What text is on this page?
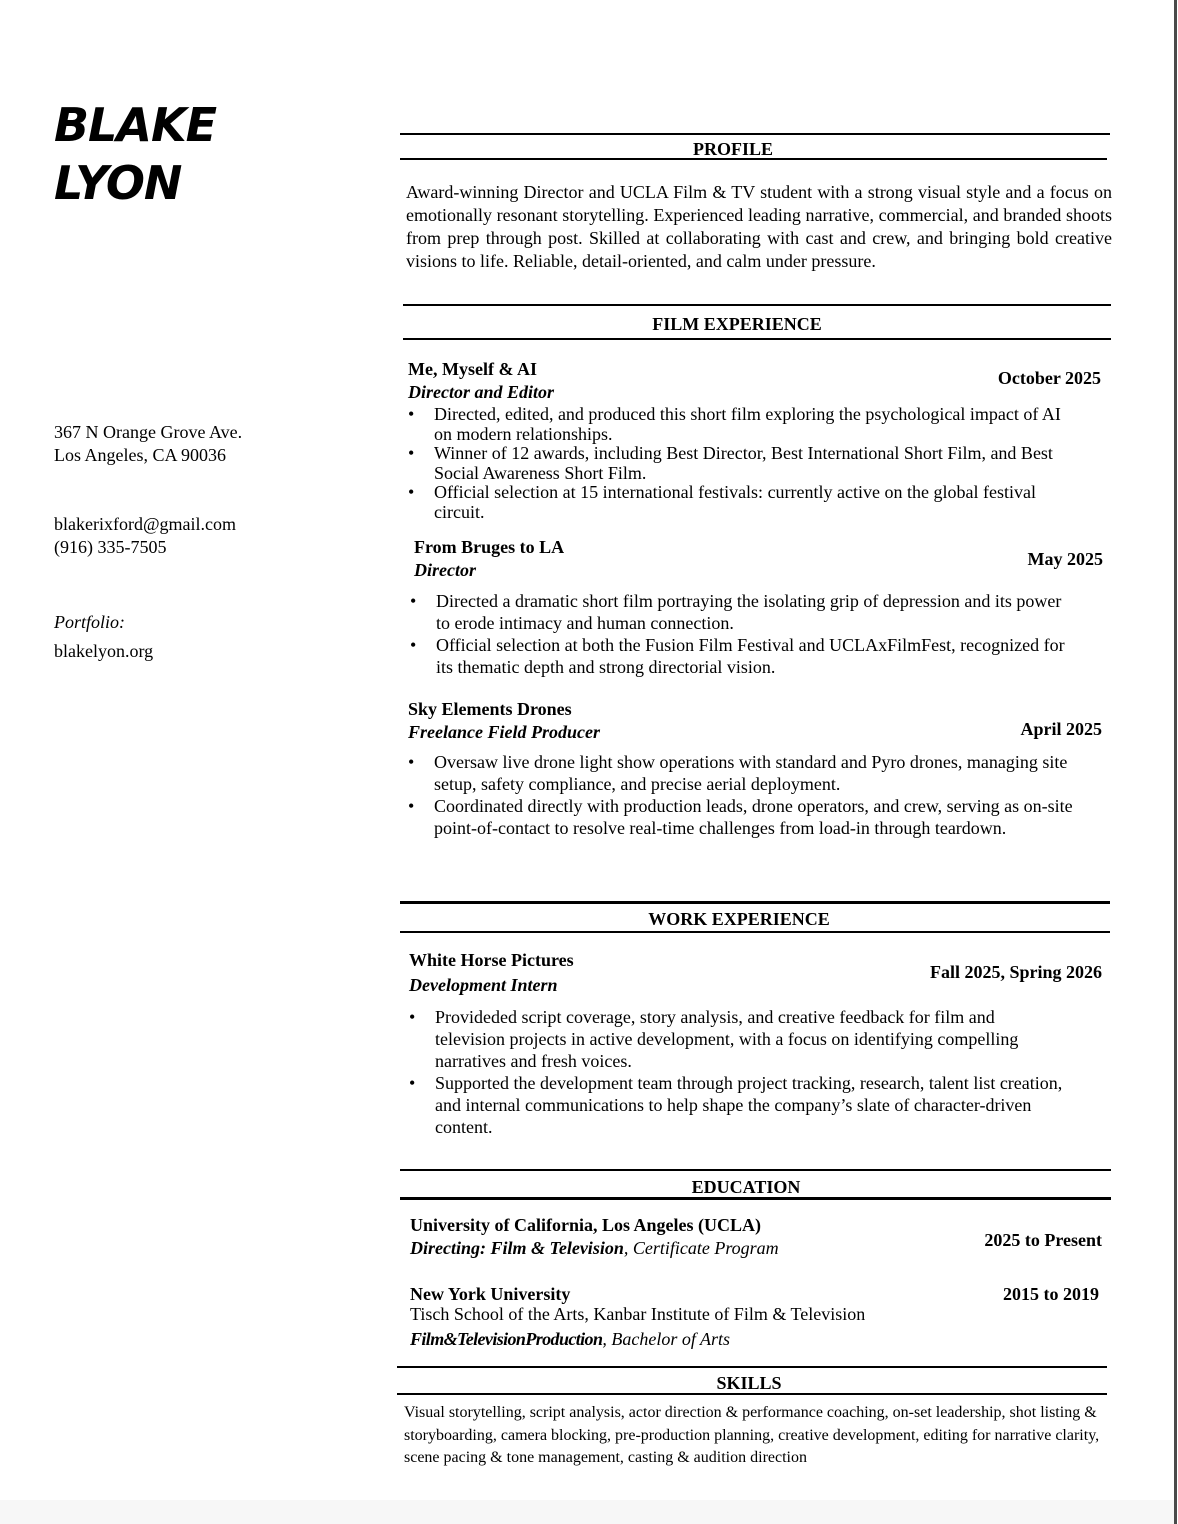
BLAKE
LYON
367 N Orange Grove Ave.
Los Angeles, CA 90036
blakerixford@gmail.com
(916) 335-7505
Portfolio:
blakelyon.org
PROFILE
Award-winning Director and UCLA Film & TV student with a strong visual style and a focus on emotionally resonant storytelling. Experienced leading narrative, commercial, and branded shoots from prep through post. Skilled at collaborating with cast and crew, and bringing bold creative visions to life. Reliable, detail-oriented, and calm under pressure.
FILM EXPERIENCE
Me, Myself & AI
Director and Editor
October 2025
• Directed, edited, and produced this short film exploring the psychological impact of AI on modern relationships.
• Winner of 12 awards, including Best Director, Best International Short Film, and Best Social Awareness Short Film.
• Official selection at 15 international festivals: currently active on the global festival circuit.
From Bruges to LA
Director
May 2025
• Directed a dramatic short film portraying the isolating grip of depression and its power to erode intimacy and human connection.
• Official selection at both the Fusion Film Festival and UCLAxFilmFest, recognized for its thematic depth and strong directorial vision.
Sky Elements Drones
Freelance Field Producer	April 2025
• Oversaw live drone light show operations with standard and Pyro drones, managing site setup, safety compliance, and precise aerial deployment.
• Coordinated directly with production leads, drone operators, and crew, serving as on-site point-of-contact to resolve real-time challenges from load-in through teardown.
WORK EXPERIENCE
White Horse Pictures
Development Intern
Fall 2025, Spring 2026
• Provideded script coverage, story analysis, and creative feedback for film and television projects in active development, with a focus on identifying compelling narratives and fresh voices.
• Supported the development team through project tracking, research, talent list creation, and internal communications to help shape the company’s slate of character-driven content.
EDUCATION
University of California, Los Angeles (UCLA)
Directing: Film & Television, Certificate Program	2025 to Present
New York University
Tisch School of the Arts, Kanbar Institute of Film & Television
Film&TelevisionProduction, Bachelor of Arts
2015 to 2019
SKILLS
Visual storytelling, script analysis, actor direction & performance coaching, on-set leadership, shot listing & storyboarding, camera blocking, pre-production planning, creative development, editing for narrative clarity, scene pacing & tone management, casting & audition direction
